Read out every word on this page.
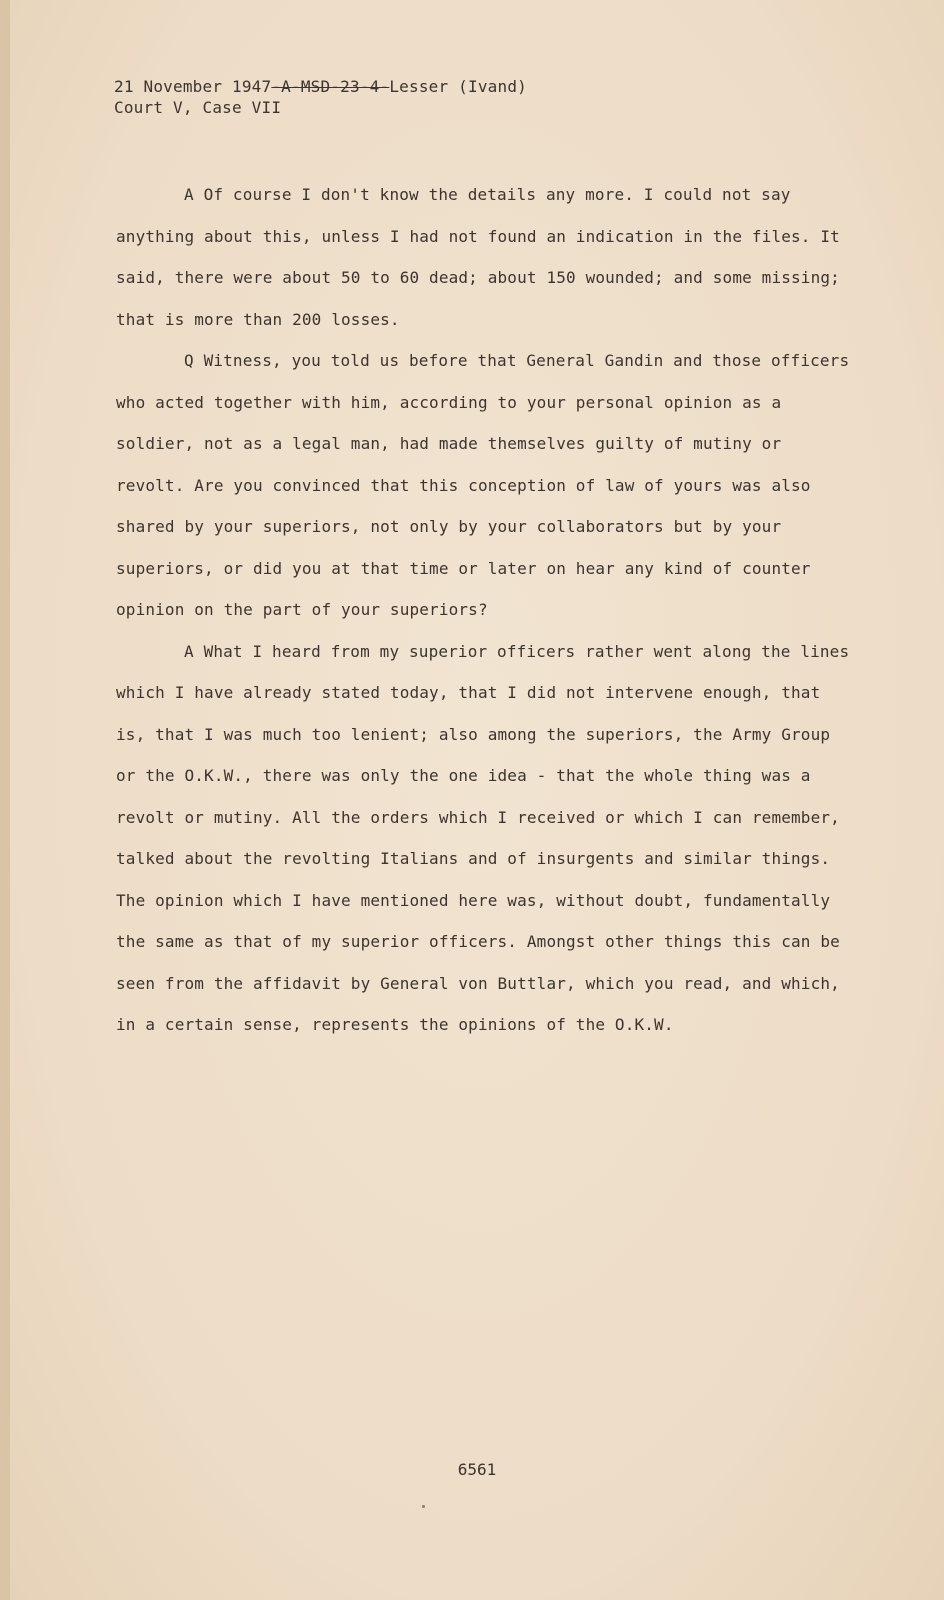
21 November 1947-A-MSD-23-4-Lesser (Ivand)
Court V, Case VII

A Of course I don't know the details any more. I could not say anything about this, unless I had not found an indication in the files. It said, there were about 50 to 60 dead; about 150 wounded; and some missing; that is more than 200 losses.

Q Witness, you told us before that General Gandin and those officers who acted together with him, according to your personal opinion as a soldier, not as a legal man, had made themselves guilty of mutiny or revolt. Are you convinced that this conception of law of yours was also shared by your superiors, not only by your collaborators but by your superiors, or did you at that time or later on hear any kind of counter opinion on the part of your superiors?

A What I heard from my superior officers rather went along the lines which I have already stated today, that I did not intervene enough, that is, that I was much too lenient; also among the superiors, the Army Group or the O.K.W., there was only the one idea - that the whole thing was a revolt or mutiny. All the orders which I received or which I can remember, talked about the revolting Italians and of insurgents and similar things. The opinion which I have mentioned here was, without doubt, fundamentally the same as that of my superior officers. Amongst other things this can be seen from the affidavit by General von Buttlar, which you read, and which, in a certain sense, represents the opinions of the O.K.W.

6561
